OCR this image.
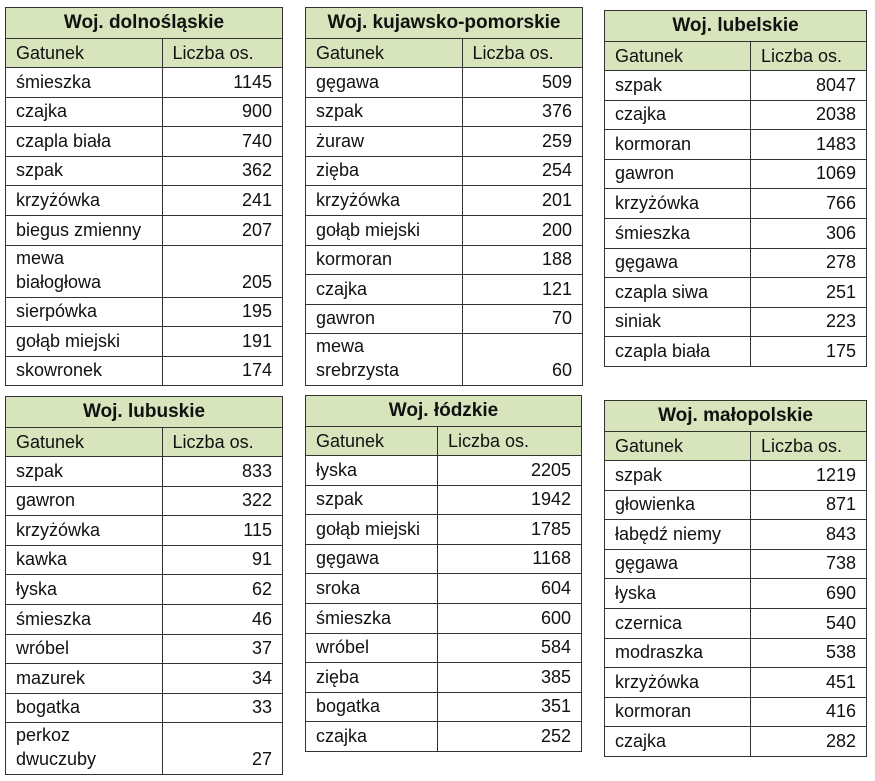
Woj. dolnośląskie	
Gatunek	Liczba os.
śmieszka	1145
czajka	900
czapla biała	740
szpak	362
krzyżówka	241
biegus zmienny	207
mewa białogłowa	205
sierpówka	195
gołąb miejski	191
skowronek	174
Woj. kujawsko-pomorskie	
Gatunek	Liczba os.
gęgawa	509
szpak	376
żuraw	259
zięba	254
krzyżówka	201
gołąb miejski	200
kormoran	188
czajka	121
gawron	70
mewa srebrzysta	60
Woj. lubelskie	
Gatunek	Liczba os.
szpak	8047
czajka	2038
kormoran	1483
gawron	1069
krzyżówka	766
śmieszka	306
gęgawa	278
czapla siwa	251
siniak	223
czapla biała	175
Woj. lubuskie	
Gatunek	Liczba os.
szpak	833
gawron	322
krzyżówka	115
kawka	91
łyska	62
śmieszka	46
wróbel	37
mazurek	34
bogatka	33
perkoz dwuczuby	27
Woj. łódzkie	
Gatunek	Liczba os.
łyska	2205
szpak	1942
gołąb miejski	1785
gęgawa	1168
sroka	604
śmieszka	600
wróbel	584
zięba	385
bogatka	351
czajka	252
Woj. małopolskie	
Gatunek	Liczba os.
szpak	1219
głowienka	871
łabędź niemy	843
gęgawa	738
łyska	690
czernica	540
modraszka	538
krzyżówka	451
kormoran	416
czajka	282
